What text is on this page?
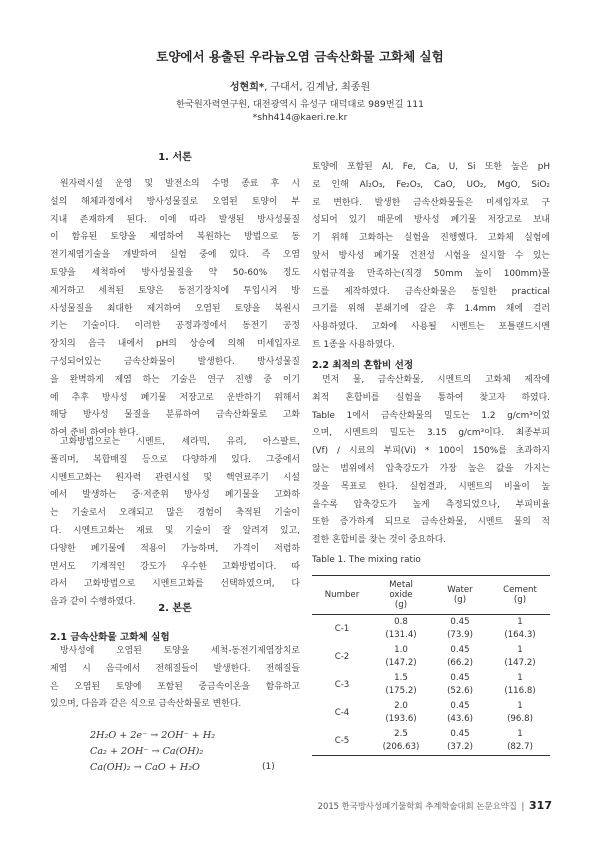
토양에서 용출된 우라늄오염 금속산화물 고화체 실험
성현희*, 구대서, 김계남, 최종원
한국원자력연구원, 대전광역시 유성구 대덕대로 989번길 111
*shh414@kaeri.re.kr
1. 서론
원자력시설 운영 및 발전소의 수명 종료 후 시
설의 해체과정에서 방사성물질로 오염된 토양이 부
지내 존재하게 된다. 이에 따라 발생된 방사성물질
이 함유된 토양을 제염하여 복원하는 방법으로 동
전기제염기술을 개발하여 실험 중에 있다. 즉 오염
토양을 세척하여 방사성물질을 약 50-60% 정도
제거하고 세척된 토양은 동전기장치에 투입시켜 방
사성물질을 최대한 제거하여 오염된 토양을 복원시
키는 기술이다. 이러한 공정과정에서 동전기 공정
장치의 음극 내에서 pH의 상승에 의해 미세입자로
구성되어있는 금속산화물이 발생한다. 방사성물질
을 완벽하게 제염 하는 기술은 연구 진행 중 이기
에 추후 방사성 폐기물 저장고로 운반하기 위해서
해당 방사성 물질을 분류하여 금속산화물로 고화
하여 준비 하여야 한다.
고화방법으로는 시멘트, 세라믹, 유리, 아스팔트,
폴리머, 복합매질 등으로 다양하게 있다. 그중에서
시멘트고화는 원자력 관련시설 및 핵연료주기 시설
에서 발생하는 중·저준위 방사성 폐기물을 고화하
는 기술로서 오래되고 많은 경험이 축적된 기술이
다. 시멘트고화는 재료 및 기술이 잘 알려져 있고,
다양한 폐기물에 적용이 가능하며, 가격이 저렴하
면서도 기계적인 강도가 우수한 고화방법이다. 따
라서 고화방법으로 시멘트고화를 선택하였으며, 다
음과 같이 수행하였다.
2. 본론
2.1 금속산화물 고화체 실험
방사성에 오염된 토양을 세척-동전기제염장치로
제염 시 음극에서 전해질들이 발생한다. 전해질들
은 오염된 토양에 포함된 중금속이온을 함유하고
있으며, 다음과 같은 식으로 금속산화물로 변한다.
2H₂O + 2e⁻ → 2OH⁻ + H₂
Ca₂ + 2OH⁻ → Ca(OH)₂
Ca(OH)₂ → CaO + H₂O	(1)
토양에 포함된 Al, Fe, Ca, U, Si 또한 높은 pH
로 인해 Al₂O₃, Fe₂O₃, CaO, UO₂, MgO, SiO₂
로 변한다. 발생한 금속산화물들은 미세입자로 구
성되어 있기 때문에 방사성 폐기물 저장고로 보내
기 위해 고화하는 실험을 진행했다. 고화체 실험에
앞서 방사성 폐기물 건전성 시험을 실시할 수 있는
시험규격을 만족하는(직경 50mm 높이 100mm)몰
드를 제작하였다. 금속산화물은 동일한 practical
크기를 위해 분쇄기에 갈은 후 1.4mm 채에 걸러
사용하였다. 고화에 사용될 시멘트는 포틀랜드시멘
트 1종을 사용하였다.
2.2 최적의 혼합비 선정
먼저 물, 금속산화물, 시멘트의 고화체 제작에
최적 혼합비를 실험을 통하여 찾고자 하였다.
Table 1에서 금속산화물의 밀도는 1.2 g/cm³이었
으며, 시멘트의 밀도는 3.15 g/cm³이다. 최종부피
(Vf) / 시료의 부피(Vi) * 100이 150%를 초과하지
않는 범위에서 압축강도가 가장 높은 값을 가지는
것을 목표로 한다. 실험결과, 시멘트의 비율이 높
을수록 압축강도가 높게 측정되었으나, 부피비율
또한 증가하게 되므로 금속산화물, 시멘트 물의 적
절한 혼합비를 찾는 것이 중요하다.
Table 1. The mixing ratio
Number
Metal
oxide
(g)
Water
(g)
Cement
(g)
C-1
0.8
(131.4)
0.45
(73.9)
1
(164.3)
C-2
1.0
(147.2)
0.45
(66.2)
1
(147.2)
C-3
1.5
(175.2)
0.45
(52.6)
1
(116.8)
C-4
2.0
(193.6)
0.45
(43.6)
1
(96.8)
C-5
2.5
(206.63)
0.45
(37.2)
1
(82.7)
2015 한국방사성폐기물학회 추계학술대회 논문요약집 | 317
